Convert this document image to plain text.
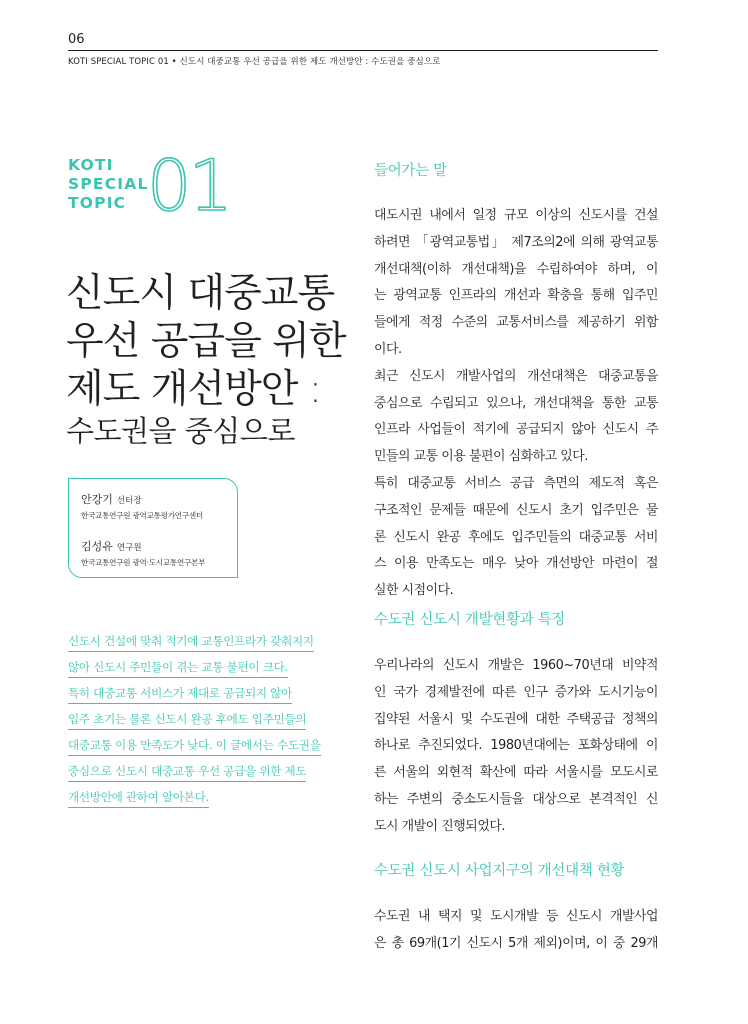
06
KOTI SPECIAL TOPIC 01 • 신도시 대중교통 우선 공급을 위한 제도 개선방안 : 수도권을 중심으로
KOTI
SPECIAL
TOPIC 01
신도시 대중교통
우선 공급을 위한
제도 개선방안 :
수도권을 중심으로
안강기 선터장
한국교통연구원 광역교통평가연구센터
김성유 연구원
한국교통연구원 광역·도시교통연구본부
신도시 건설에 맞춰 적기에 교통인프라가 갖춰지지
않아 신도시 주민들이 겪는 교통 불편이 크다.
특히 대중교통 서비스가 제대로 공급되지 않아
입주 초기는 물론 신도시 완공 후에도 입주민들의
대중교통 이용 만족도가 낮다. 이 글에서는 수도권을
중심으로 신도시 대중교통 우선 공급을 위한 제도
개선방안에 관하여 알아본다.
들어가는 말
대도시권 내에서 일정 규모 이상의 신도시를 건설
하려면 「광역교통법」 제7조의2에 의해 광역교통
개선대책(이하 개선대책)을 수립하여야 하며, 이
는 광역교통 인프라의 개선과 확충을 통해 입주민
들에게 적정 수준의 교통서비스를 제공하기 위함
이다.
최근 신도시 개발사업의 개선대책은 대중교통을
중심으로 수립되고 있으나, 개선대책을 통한 교통
인프라 사업들이 적기에 공급되지 않아 신도시 주
민들의 교통 이용 불편이 심화하고 있다.
특히 대중교통 서비스 공급 측면의 제도적 혹은
구조적인 문제들 때문에 신도시 초기 입주민은 물
론 신도시 완공 후에도 입주민들의 대중교통 서비
스 이용 만족도는 매우 낮아 개선방안 마련이 절
실한 시점이다.
수도권 신도시 개발현황과 특징
우리나라의 신도시 개발은 1960~70년대 비약적
인 국가 경제발전에 따른 인구 증가와 도시기능이
집약된 서울시 및 수도권에 대한 주택공급 정책의
하나로 추진되었다. 1980년대에는 포화상태에 이
른 서울의 외현적 확산에 따라 서울시를 모도시로
하는 주변의 중소도시들을 대상으로 본격적인 신
도시 개발이 진행되었다.
수도권 신도시 사업지구의 개선대책 현황
수도권 내 택지 및 도시개발 등 신도시 개발사업
은 총 69개(1기 신도시 5개 제외)이며, 이 중 29개
